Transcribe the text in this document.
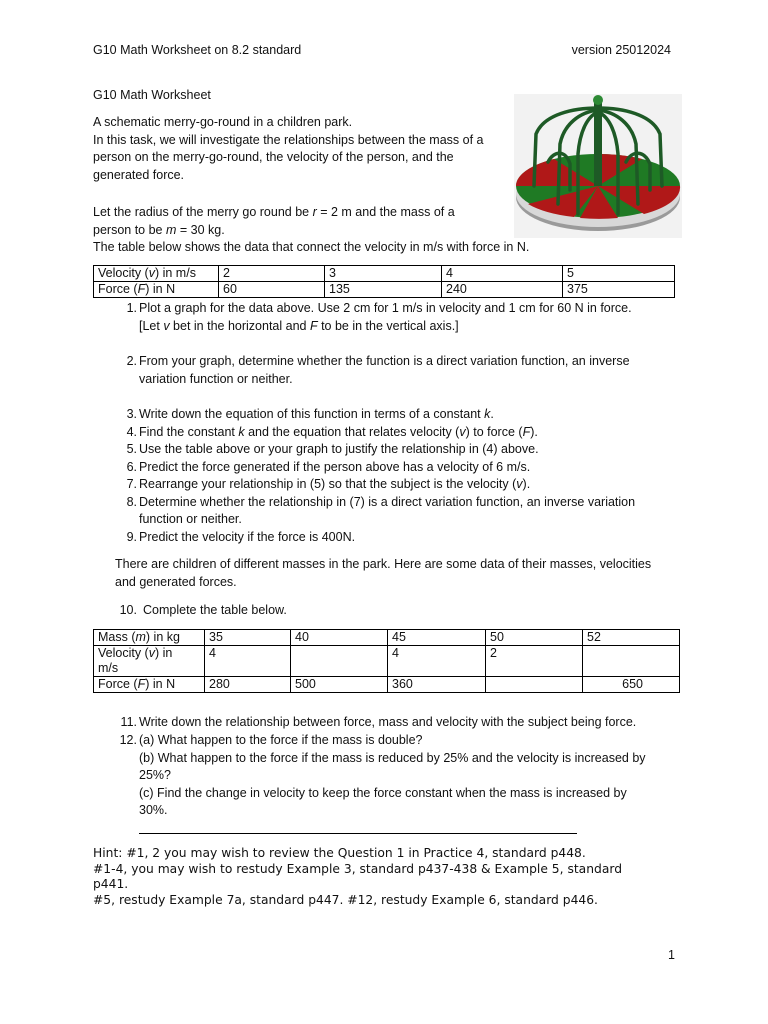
G10 Math Worksheet on 8.2 standard	version 25012024
G10 Math Worksheet

A schematic merry-go-round in a children park.

In this task, we will investigate the relationships between the mass of a

person on the merry-go-round, the velocity of the person, and the

generated force.

Let the radius of the merry go round be r = 2 m and the mass of a

person to be m = 30 kg.

The table below shows the data that connect the velocity in m/s with force in N.

Velocity (v) in m/s	2	3	4	5
Force (F) in N	60	135	240	375
1. Plot a graph for the data above. Use 2 cm for 1 m/s in velocity and 1 cm for 60 N in force.

[Let v bet in the horizontal and F to be in the vertical axis.]

2. From your graph, determine whether the function is a direct variation function, an inverse

variation function or neither.

3. Write down the equation of this function in terms of a constant k.
4. Find the constant k and the equation that relates velocity (v) to force (F).
5. Use the table above or your graph to justify the relationship in (4) above.
6. Predict the force generated if the person above has a velocity of 6 m/s.
7. Rearrange your relationship in (5) so that the subject is the velocity (v).
8. Determine whether the relationship in (7) is a direct variation function, an inverse variation

function or neither.

9. Predict the velocity if the force is 400N.

There are children of different masses in the park. Here are some data of their masses, velocities

and generated forces.

10. Complete the table below.
Mass (m) in kg	35	40	45	50	52
Velocity (v) in
m/s	4		4	2	
Force (F) in N	280	500	360		650
11. Write down the relationship between force, mass and velocity with the subject being force.
12. (a) What happen to the force if the mass is double?

(b) What happen to the force if the mass is reduced by 25% and the velocity is increased by

25%?

(c) Find the change in velocity to keep the force constant when the mass is increased by

30%.

Hint: #1, 2 you may wish to review the Question 1 in Practice 4, standard p448.

#1-4, you may wish to restudy Example 3, standard p437-438 & Example 5, standard

p441.

#5, restudy Example 7a, standard p447. #12, restudy Example 6, standard p446.

1
